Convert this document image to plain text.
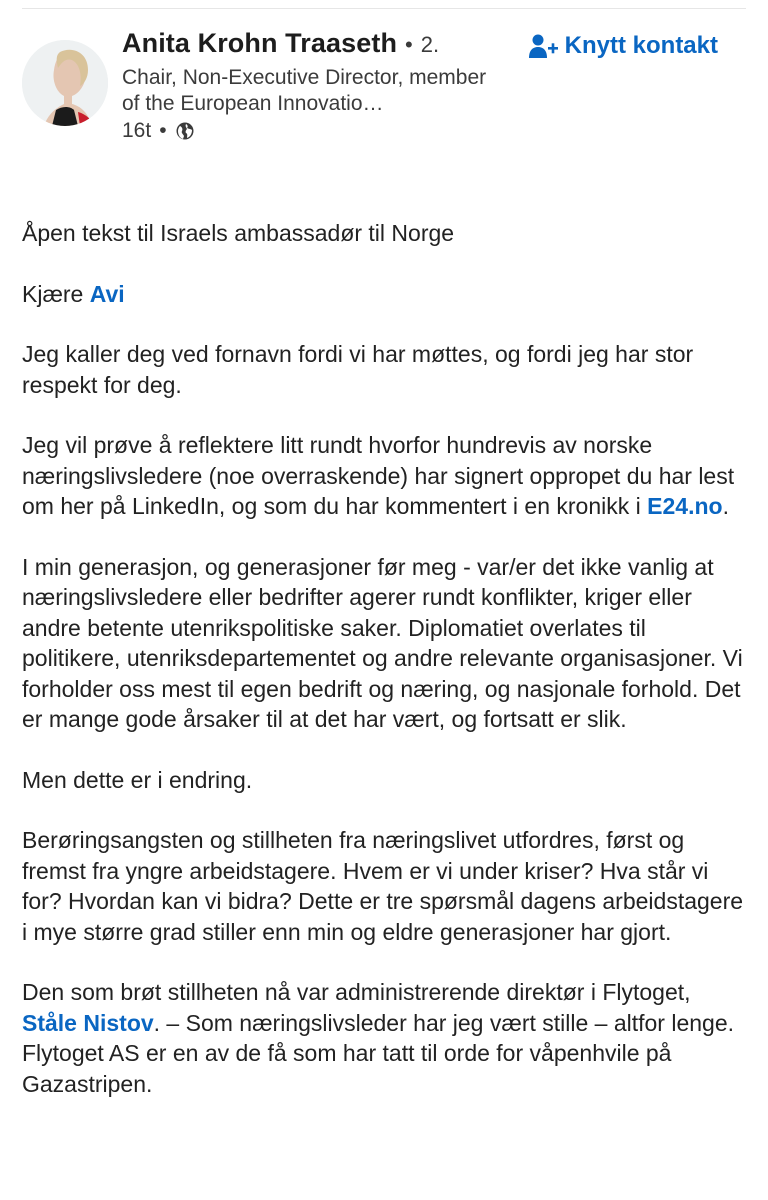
Anita Krohn Traaseth • 2.
Chair, Non-Executive Director, member of the European Innovatio…
16t •
Knytt kontakt

Åpen tekst til Israels ambassadør til Norge

Kjære Avi

Jeg kaller deg ved fornavn fordi vi har møttes, og fordi jeg har stor respekt for deg.

Jeg vil prøve å reflektere litt rundt hvorfor hundrevis av norske næringslivsledere (noe overraskende) har signert oppropet du har lest om her på LinkedIn, og som du har kommentert i en kronikk i E24.no.

I min generasjon, og generasjoner før meg - var/er det ikke vanlig at næringslivsledere eller bedrifter agerer rundt konflikter, kriger eller andre betente utenrikspolitiske saker. Diplomatiet overlates til politikere, utenriksdepartementet og andre relevante organisasjoner. Vi forholder oss mest til egen bedrift og næring, og nasjonale forhold. Det er mange gode årsaker til at det har vært, og fortsatt er slik.

Men dette er i endring.

Berøringsangsten og stillheten fra næringslivet utfordres, først og fremst fra yngre arbeidstagere. Hvem er vi under kriser? Hva står vi for? Hvordan kan vi bidra? Dette er tre spørsmål dagens arbeidstagere i mye større grad stiller enn min og eldre generasjoner har gjort.

Den som brøt stillheten nå var administrerende direktør i Flytoget, Ståle Nistov. – Som næringslivsleder har jeg vært stille – altfor lenge. Flytoget AS er en av de få som har tatt til orde for våpenhvile på Gazastripen.
